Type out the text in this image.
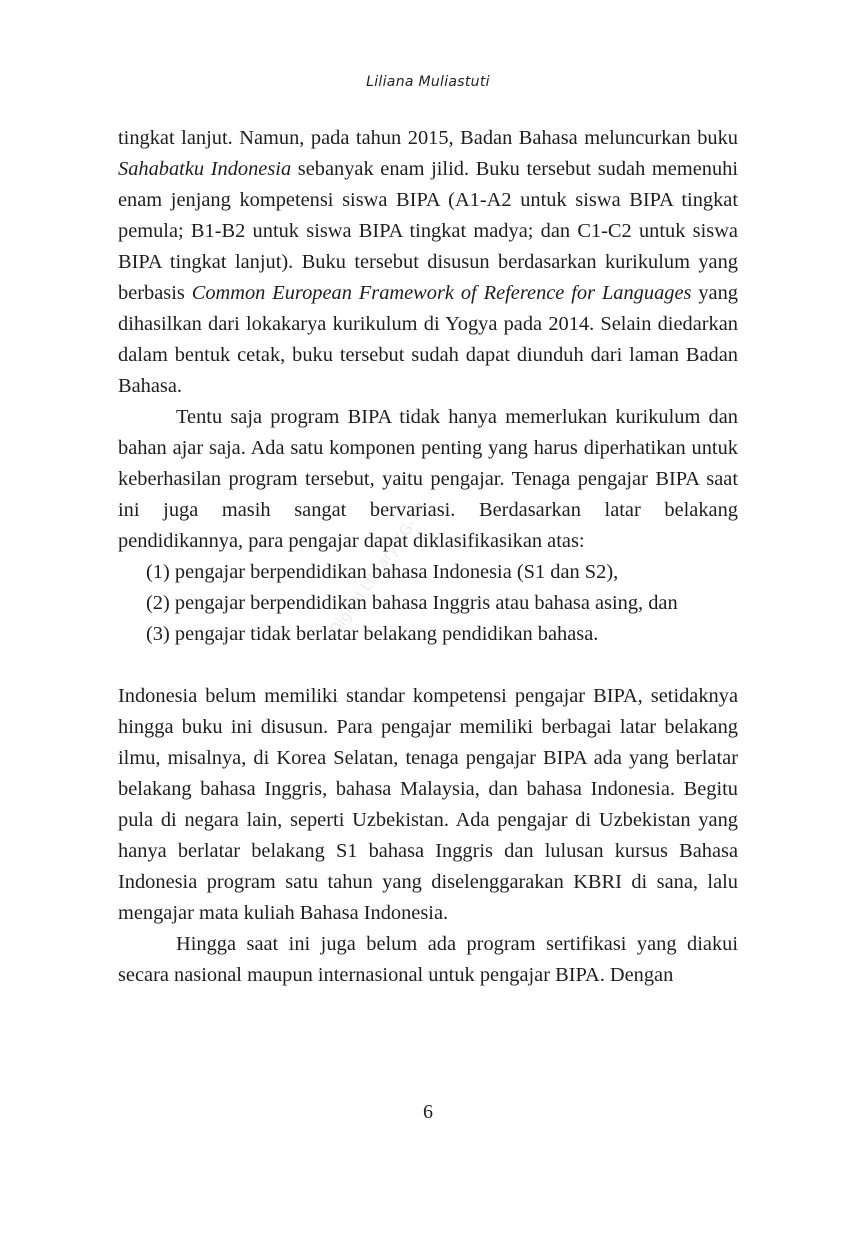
Liliana Muliastuti
Digital Library KG-78

tingkat lanjut. Namun, pada tahun 2015, Badan Bahasa meluncurkan buku Sahabatku Indonesia sebanyak enam jilid. Buku tersebut sudah memenuhi enam jenjang kompetensi siswa BIPA (A1-A2 untuk siswa BIPA tingkat pemula; B1-B2 untuk siswa BIPA tingkat madya; dan C1-C2 untuk siswa BIPA tingkat lanjut). Buku tersebut disusun berdasarkan kurikulum yang berbasis Common European Framework of Reference for Languages yang dihasilkan dari lokakarya kurikulum di Yogya pada 2014. Selain diedarkan dalam bentuk cetak, buku tersebut sudah dapat diunduh dari laman Badan Bahasa.

Tentu saja program BIPA tidak hanya memerlukan kurikulum dan bahan ajar saja. Ada satu komponen penting yang harus diperhatikan untuk keberhasilan program tersebut, yaitu pengajar. Tenaga pengajar BIPA saat ini juga masih sangat bervariasi. Berdasarkan latar belakang pendidikannya, para pengajar dapat diklasifikasikan atas:

(1) pengajar berpendidikan bahasa Indonesia (S1 dan S2),
(2) pengajar berpendidikan bahasa Inggris atau bahasa asing, dan
(3) pengajar tidak berlatar belakang pendidikan bahasa.

Indonesia belum memiliki standar kompetensi pengajar BIPA, setidaknya hingga buku ini disusun. Para pengajar memiliki berbagai latar belakang ilmu, misalnya, di Korea Selatan, tenaga pengajar BIPA ada yang berlatar belakang bahasa Inggris, bahasa Malaysia, dan bahasa Indonesia. Begitu pula di negara lain, seperti Uzbekistan. Ada pengajar di Uzbekistan yang hanya berlatar belakang S1 bahasa Inggris dan lulusan kursus Bahasa Indonesia program satu tahun yang diselenggarakan KBRI di sana, lalu mengajar mata kuliah Bahasa Indonesia.

Hingga saat ini juga belum ada program sertifikasi yang diakui secara nasional maupun internasional untuk pengajar BIPA. Dengan

6
